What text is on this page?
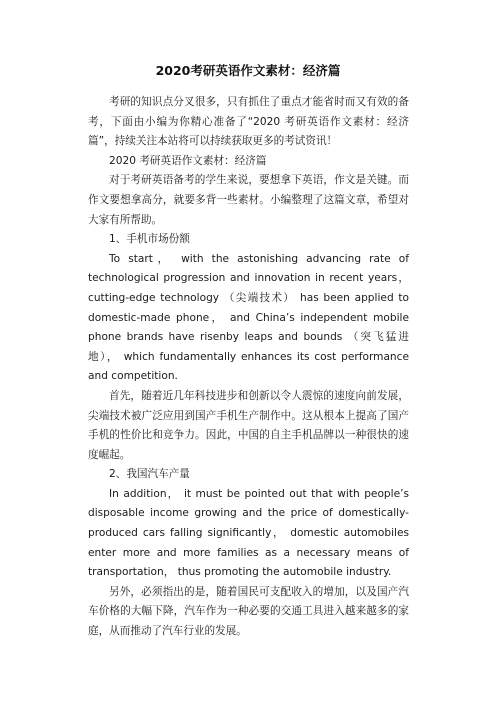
2020考研英语作文素材：经济篇

考研的知识点分叉很多，只有抓住了重点才能省时而又有效的备考，下面由小编为你精心准备了“2020 考研英语作文素材：经济篇”，持续关注本站将可以持续获取更多的考试资讯！

2020 考研英语作文素材：经济篇

对于考研英语备考的学生来说，要想拿下英语，作文是关键。而作文要想拿高分，就要多背一些素材。小编整理了这篇文章，希望对大家有所帮助。

1、手机市场份额

To start， with the astonishing advancing rate of technological progression and innovation in recent years， cutting-edge technology （尖端技术） has been applied to domestic-made phone， and China’s independent mobile phone brands have risenby leaps and bounds （突飞猛进地）， which fundamentally enhances its cost performance and competition.

首先，随着近几年科技进步和创新以令人震惊的速度向前发展，尖端技术被广泛应用到国产手机生产制作中。这从根本上提高了国产手机的性价比和竞争力。因此，中国的自主手机品牌以一种很快的速度崛起。

2、我国汽车产量

In addition， it must be pointed out that with people’s disposable income growing and the price of domestically-produced cars falling significantly， domestic automobiles enter more and more families as a necessary means of transportation， thus promoting the automobile industry.

另外，必须指出的是，随着国民可支配收入的增加，以及国产汽车价格的大幅下降，汽车作为一种必要的交通工具进入越来越多的家庭，从而推动了汽车行业的发展。
